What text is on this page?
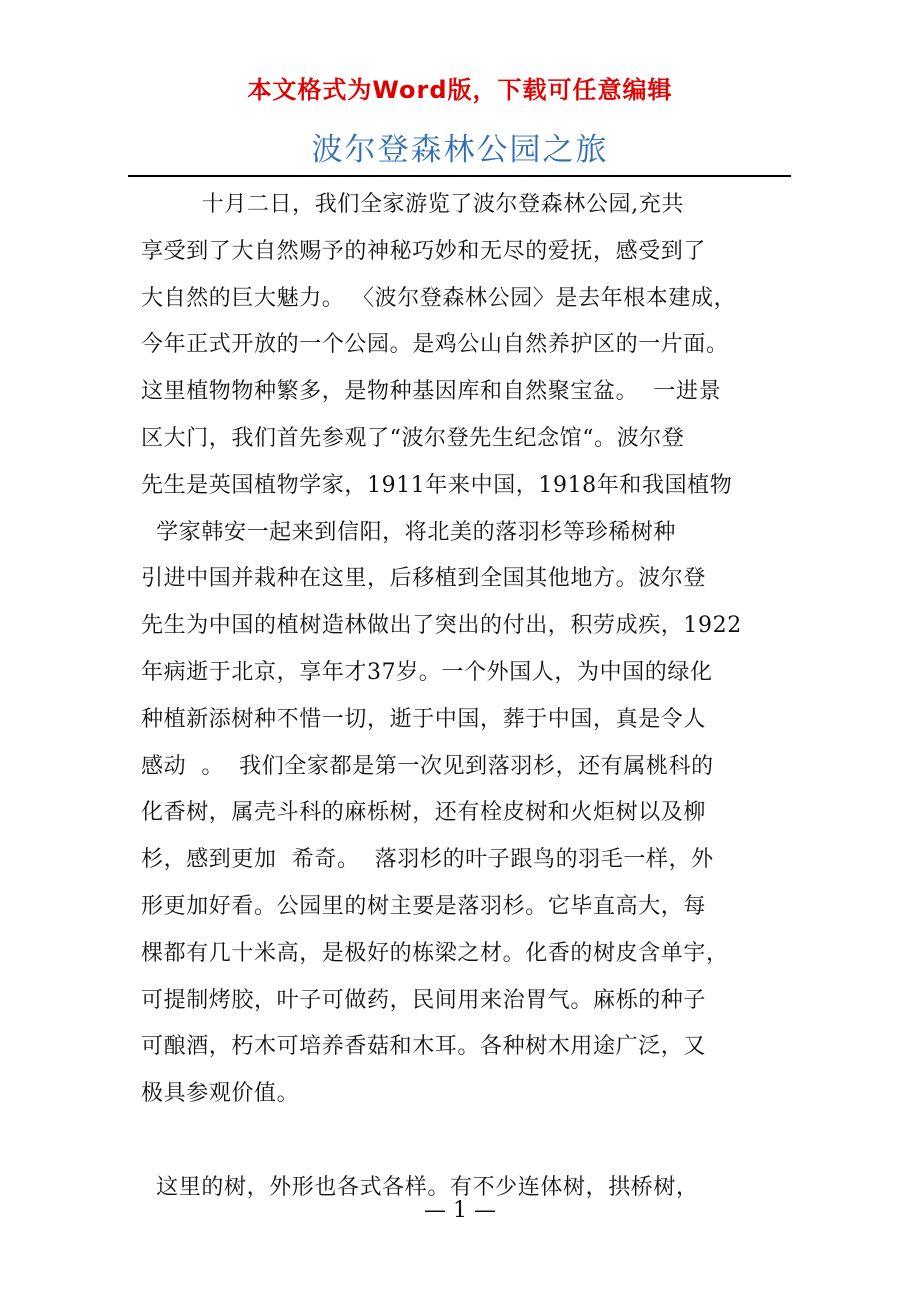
本文格式为Word版，下载可任意编辑
波尔登森林公园之旅
十月二日，我们全家游览了波尔登森林公园,充共
享受到了大自然赐予的神秘巧妙和无尽的爱抚，感受到了
大自然的巨大魅力。 〈波尔登森林公园〉是去年根本建成，
今年正式开放的一个公园。是鸡公山自然养护区的一片面。
这里植物物种繁多，是物种基因库和自然聚宝盆。  一进景
区大门，我们首先参观了“波尔登先生纪念馆“。波尔登
先生是英国植物学家，1911年来中国，1918年和我国植物
学家韩安一起来到信阳，将北美的落羽杉等珍稀树种
引进中国并栽种在这里，后移植到全国其他地方。波尔登
先生为中国的植树造林做出了突出的付出，积劳成疾，1922
年病逝于北京，享年才37岁。一个外国人，为中国的绿化
种植新添树种不惜一切，逝于中国，葬于中国，真是令人
感动  。  我们全家都是第一次见到落羽杉，还有属桃科的
化香树，属壳斗科的麻栎树，还有栓皮树和火炬树以及柳
杉，感到更加  希奇。  落羽杉的叶子跟鸟的羽毛一样，外
形更加好看。公园里的树主要是落羽杉。它毕直高大，每
棵都有几十米高，是极好的栋梁之材。化香的树皮含单宇，
可提制烤胶，叶子可做药，民间用来治胃气。麻栎的种子
可酿酒，朽木可培养香菇和木耳。各种树木用途广泛，又
极具参观价值。
这里的树，外形也各式各样。有不少连体树，拱桥树，
— 1 —
